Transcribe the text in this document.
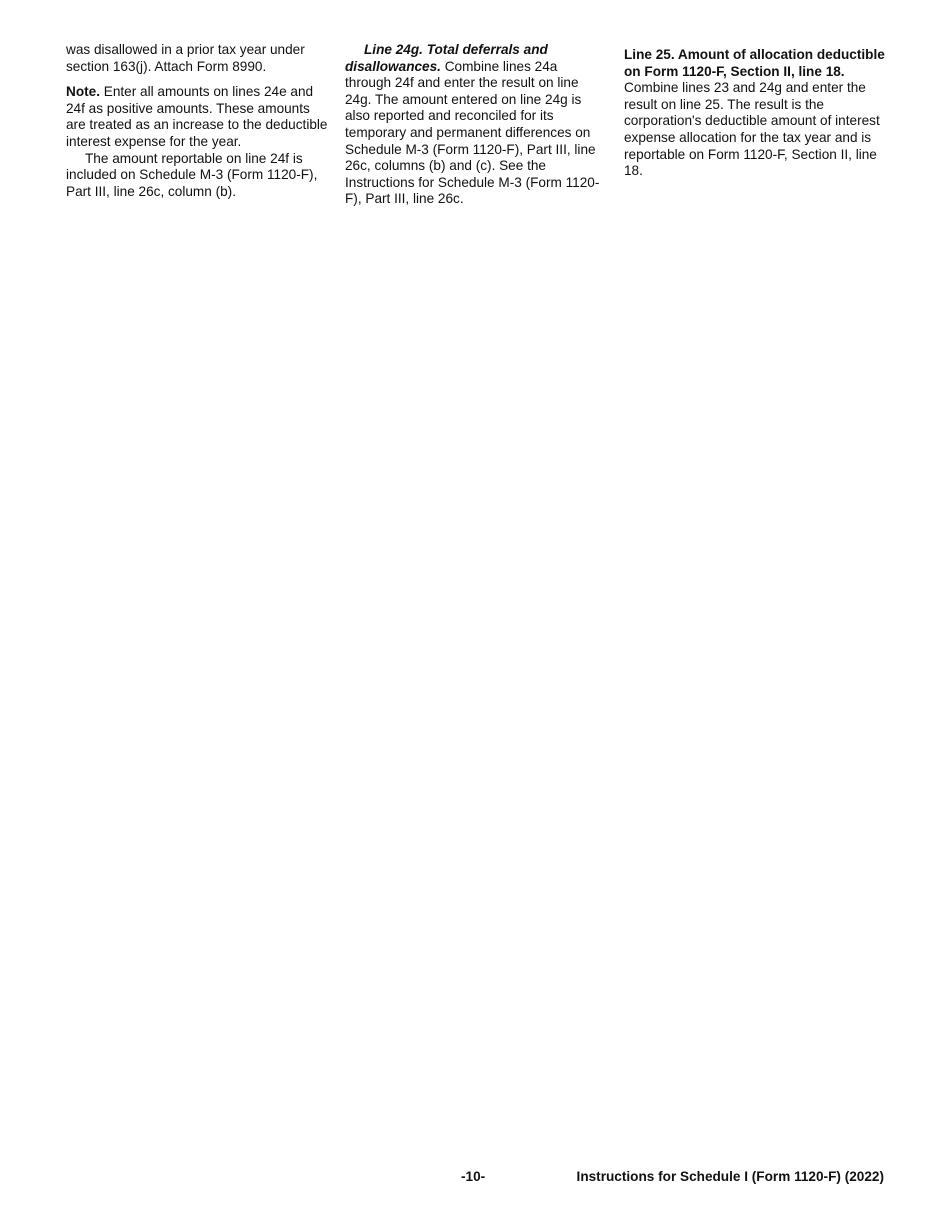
was disallowed in a prior tax year under section 163(j). Attach Form 8990.

Note. Enter all amounts on lines 24e and 24f as positive amounts. These amounts are treated as an increase to the deductible interest expense for the year.

The amount reportable on line 24f is included on Schedule M-3 (Form 1120-F), Part III, line 26c, column (b).

Line 24g. Total deferrals and disallowances. Combine lines 24a through 24f and enter the result on line 24g. The amount entered on line 24g is also reported and reconciled for its temporary and permanent differences on Schedule M-3 (Form 1120-F), Part III, line 26c, columns (b) and (c). See the Instructions for Schedule M-3 (Form 1120-F), Part III, line 26c.

Line 25. Amount of allocation deductible on Form 1120-F, Section II, line 18. Combine lines 23 and 24g and enter the result on line 25. The result is the corporation's deductible amount of interest expense allocation for the tax year and is reportable on Form 1120-F, Section II, line 18.

-10-	Instructions for Schedule I (Form 1120-F) (2022)
